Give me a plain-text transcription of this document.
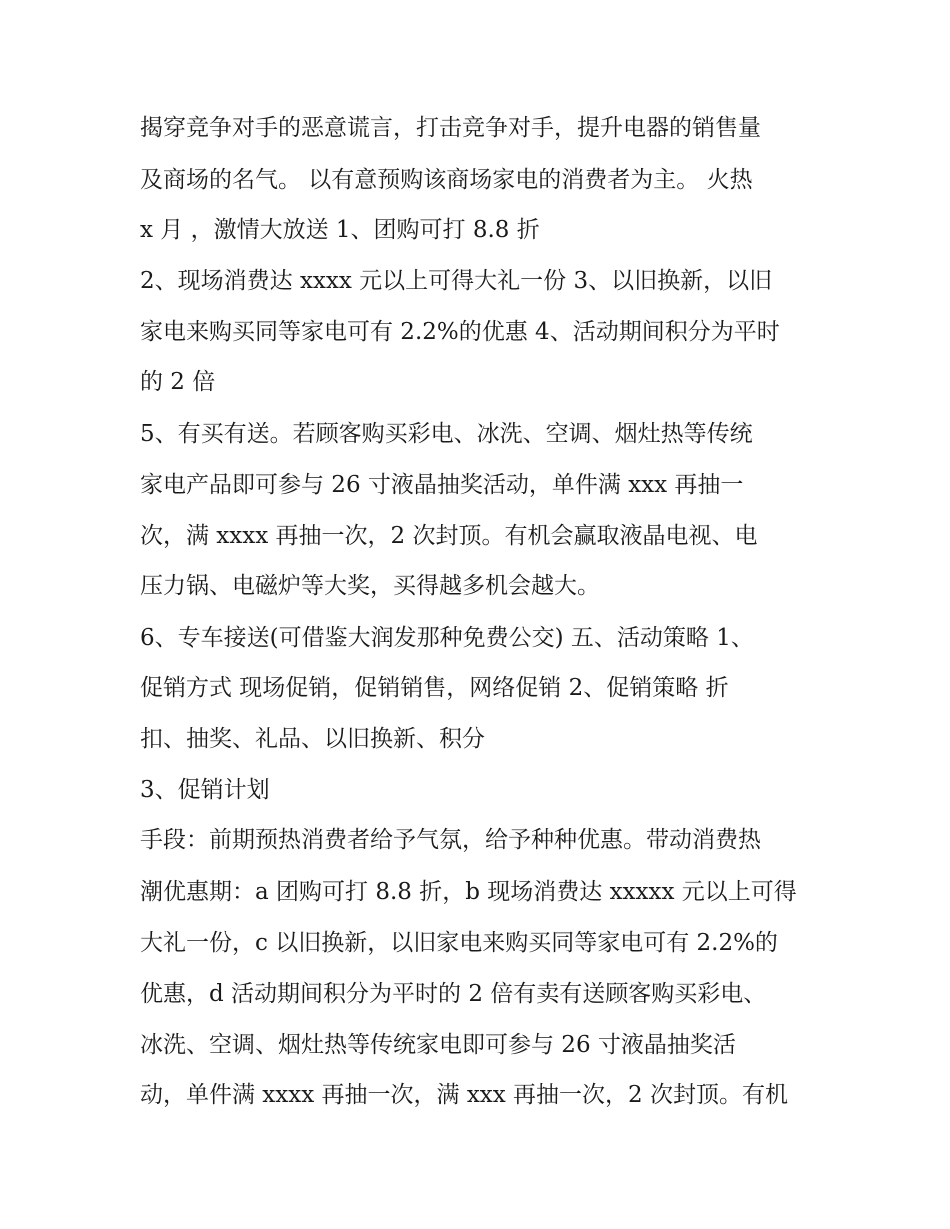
揭穿竞争对手的恶意谎言，打击竞争对手，提升电器的销售量
及商场的名气。 以有意预购该商场家电的消费者为主。 火热
x 月 ，激情大放送 1、团购可打 8.8 折
2、现场消费达 xxxx 元以上可得大礼一份 3、以旧换新，以旧
家电来购买同等家电可有 2.2%的优惠 4、活动期间积分为平时
的 2 倍
5、有买有送。若顾客购买彩电、冰洗、空调、烟灶热等传统
家电产品即可参与 26 寸液晶抽奖活动，单件满 xxx 再抽一
次，满 xxxx 再抽一次，2 次封顶。有机会赢取液晶电视、电
压力锅、电磁炉等大奖，买得越多机会越大。
6、专车接送(可借鉴大润发那种免费公交) 五、活动策略 1、
促销方式 现场促销，促销销售，网络促销 2、促销策略 折
扣、抽奖、礼品、以旧换新、积分
3、促销计划
手段：前期预热消费者给予气氛，给予种种优惠。带动消费热
潮优惠期：a 团购可打 8.8 折，b 现场消费达 xxxxx 元以上可得
大礼一份，c 以旧换新，以旧家电来购买同等家电可有 2.2%的
优惠，d 活动期间积分为平时的 2 倍有卖有送顾客购买彩电、
冰洗、空调、烟灶热等传统家电即可参与 26 寸液晶抽奖活
动，单件满 xxxx 再抽一次，满 xxx 再抽一次，2 次封顶。有机
